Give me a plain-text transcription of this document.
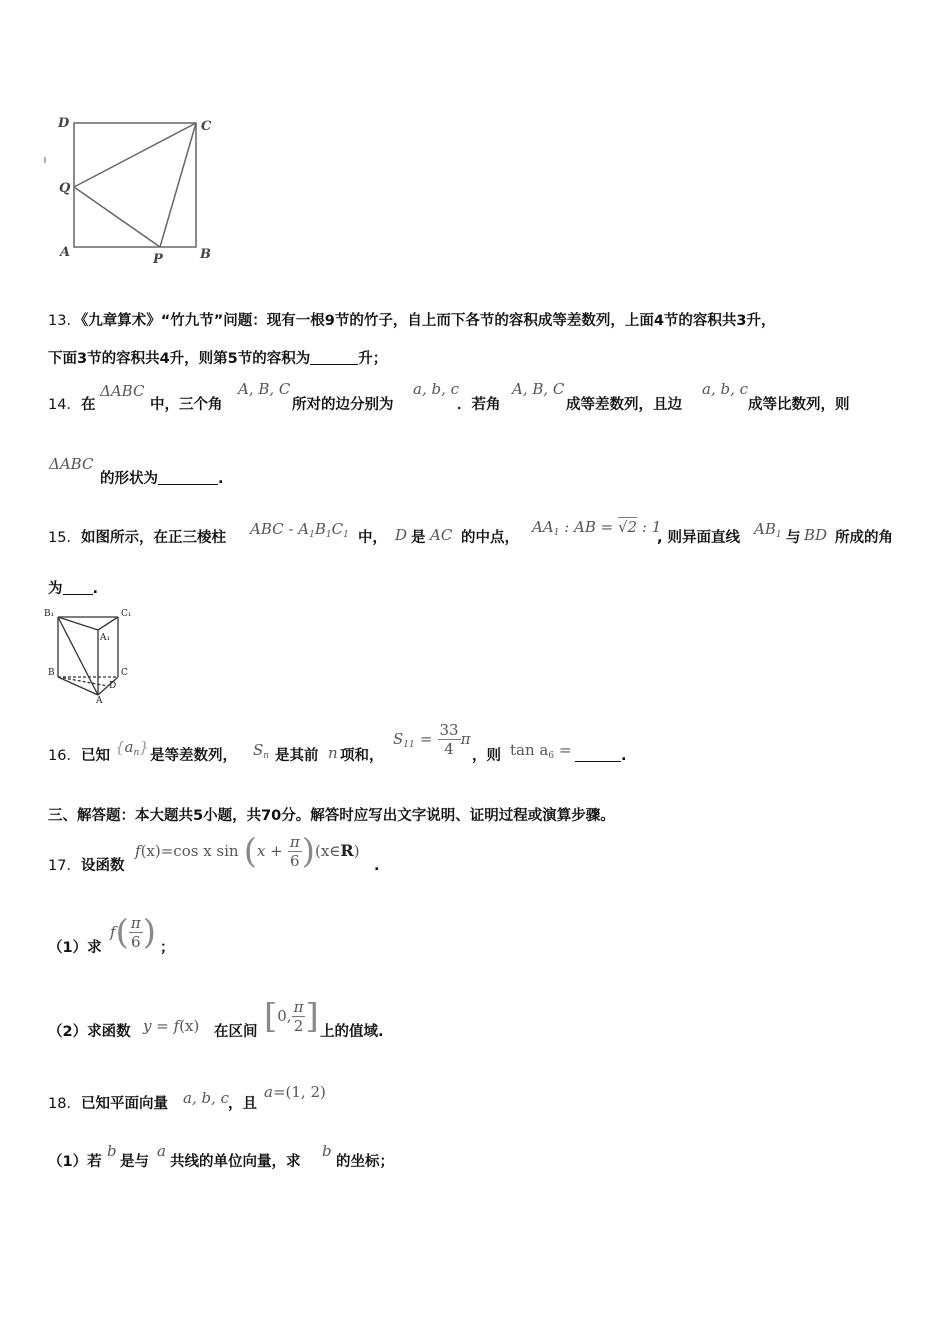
D	C
Q
A	P	B
13．《九章算术》“竹九节”问题：现有一根9节的竹子，自上而下各节的容积成等差数列，上面4节的容积共3升，
下面3节的容积共4升，则第5节的容积为	升；
14．在
ΔABC
中，三个角
A, B, C
所对的边分别为
a, b, c
．若角
A, B, C
成等差数列，且边
a, b, c
成等比数列，则
ΔABC
的形状为	.
15．如图所示，在正三棱柱 ABC - $A_1B_1C_1$ 中， D 是 AC 的中点，
$AA_1$ : AB = √2 : 1
, 则异面直线 $AB_1$ 与 BD 所成的角
为 .
B₁	C₁
A₁
B	C
D
A
16．已知 $\{a_n\}$ 是等差数列， $S_n$ 是其前 n 项和，
$S_{11} = \frac{33}{4}$ π
，则 $\tan a_6$ =	.
三、解答题：本大题共5小题，共70分。解答时应写出文字说明、证明过程或演算步骤。
17．设函数
f(x)=cos x $\sin (x + \frac{\pi}{6}$ )(x∈R)
.
（1）求
$f( \frac{\pi}{6}$ ) ；
（2）求函数 y = f(x) 在区间 [0, $\frac{\pi}{2}$ ] 上的值域.
18．已知平面向量 a, b, c
，且
a=(1, 2)
（1）若
b
是与
a
共线的单位向量，求
b
的坐标；
